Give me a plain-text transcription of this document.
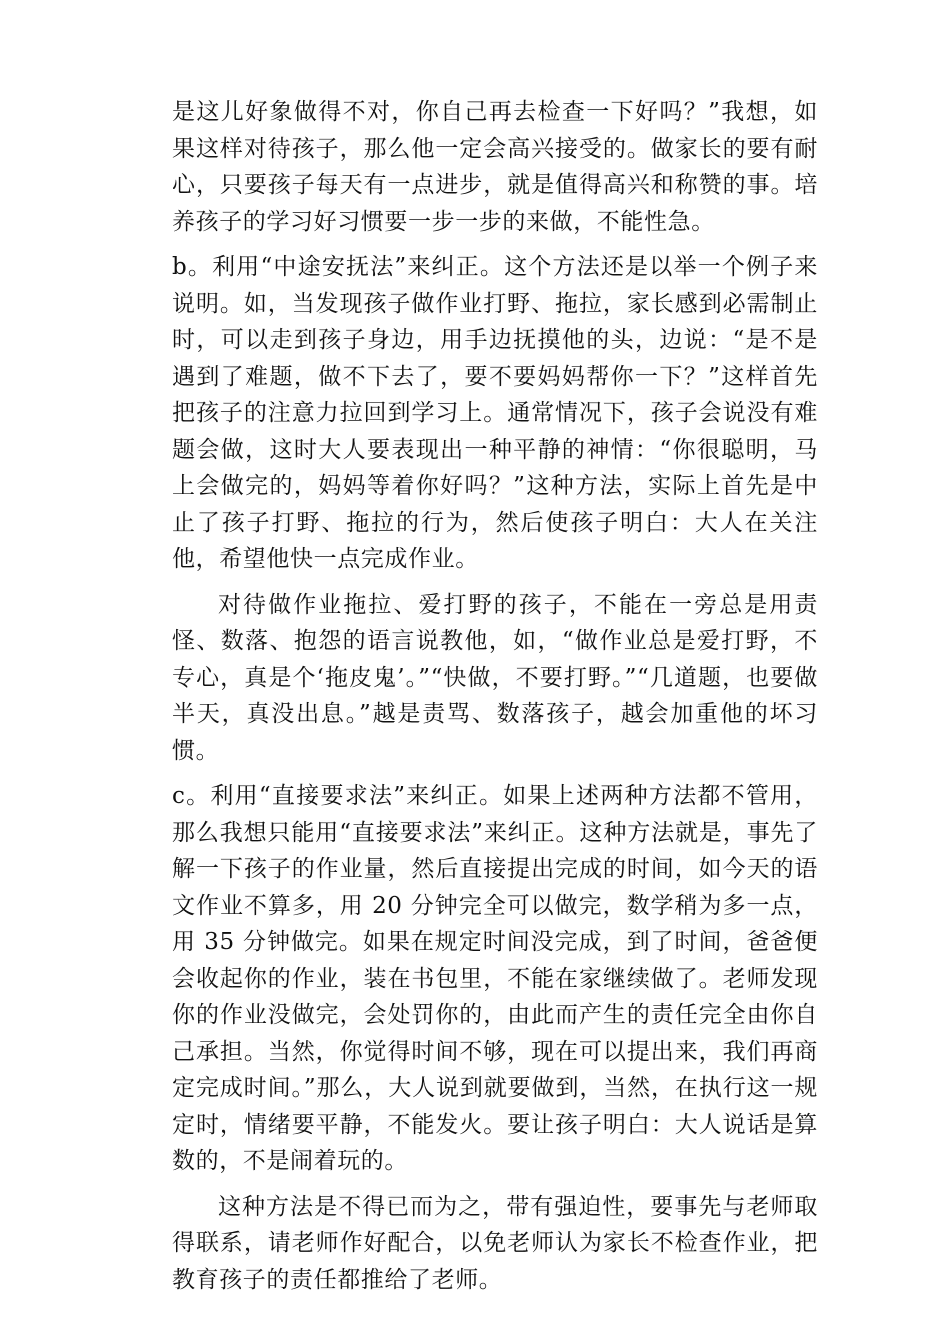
是这儿好象做得不对，你自己再去检查一下好吗？”我想，如果这样对待孩子，那么他一定会高兴接受的。做家长的要有耐心，只要孩子每天有一点进步，就是值得高兴和称赞的事。培养孩子的学习好习惯要一步一步的来做，不能性急。

b。利用“中途安抚法”来纠正。这个方法还是以举一个例子来说明。如，当发现孩子做作业打野、拖拉，家长感到必需制止时，可以走到孩子身边，用手边抚摸他的头，边说：“是不是遇到了难题，做不下去了，要不要妈妈帮你一下？”这样首先把孩子的注意力拉回到学习上。通常情况下，孩子会说没有难题会做，这时大人要表现出一种平静的神情：“你很聪明，马上会做完的，妈妈等着你好吗？”这种方法，实际上首先是中止了孩子打野、拖拉的行为，然后使孩子明白：大人在关注他，希望他快一点完成作业。

对待做作业拖拉、爱打野的孩子，不能在一旁总是用责怪、数落、抱怨的语言说教他，如，“做作业总是爱打野，不专心，真是个‘拖皮鬼’。”“快做，不要打野。”“几道题，也要做半天，真没出息。”越是责骂、数落孩子，越会加重他的坏习惯。

c。利用“直接要求法”来纠正。如果上述两种方法都不管用，那么我想只能用“直接要求法”来纠正。这种方法就是，事先了解一下孩子的作业量，然后直接提出完成的时间，如今天的语文作业不算多，用 20 分钟完全可以做完，数学稍为多一点，用 35 分钟做完。如果在规定时间没完成，到了时间，爸爸便会收起你的作业，装在书包里，不能在家继续做了。老师发现你的作业没做完，会处罚你的，由此而产生的责任完全由你自己承担。当然，你觉得时间不够，现在可以提出来，我们再商定完成时间。”那么，大人说到就要做到，当然，在执行这一规定时，情绪要平静，不能发火。要让孩子明白：大人说话是算数的，不是闹着玩的。

这种方法是不得已而为之，带有强迫性，要事先与老师取得联系，请老师作好配合，以免老师认为家长不检查作业，把教育孩子的责任都推给了老师。
